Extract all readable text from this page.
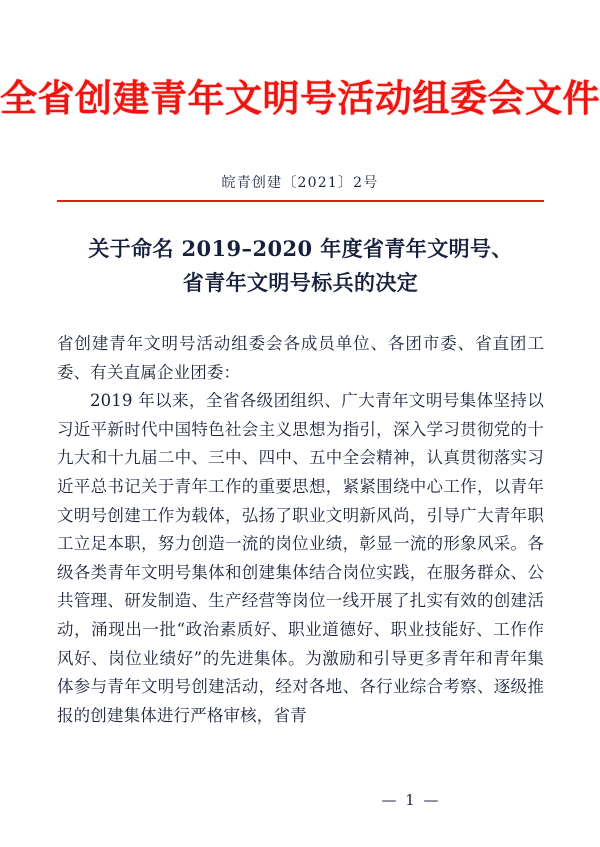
全省创建青年文明号活动组委会文件
皖青创建〔2021〕2号
关于命名 2019–2020 年度省青年文明号、
省青年文明号标兵的决定

省创建青年文明号活动组委会各成员单位、各团市委、省直团工委、有关直属企业团委：

2019 年以来，全省各级团组织、广大青年文明号集体坚持以习近平新时代中国特色社会主义思想为指引，深入学习贯彻党的十九大和十九届二中、三中、四中、五中全会精神，认真贯彻落实习近平总书记关于青年工作的重要思想，紧紧围绕中心工作，以青年文明号创建工作为载体，弘扬了职业文明新风尚，引导广大青年职工立足本职，努力创造一流的岗位业绩，彰显一流的形象风采。各级各类青年文明号集体和创建集体结合岗位实践，在服务群众、公共管理、研发制造、生产经营等岗位一线开展了扎实有效的创建活动，涌现出一批“政治素质好、职业道德好、职业技能好、工作作风好、岗位业绩好”的先进集体。为激励和引导更多青年和青年集体参与青年文明号创建活动，经对各地、各行业综合考察、逐级推报的创建集体进行严格审核，省青

— 1 —
